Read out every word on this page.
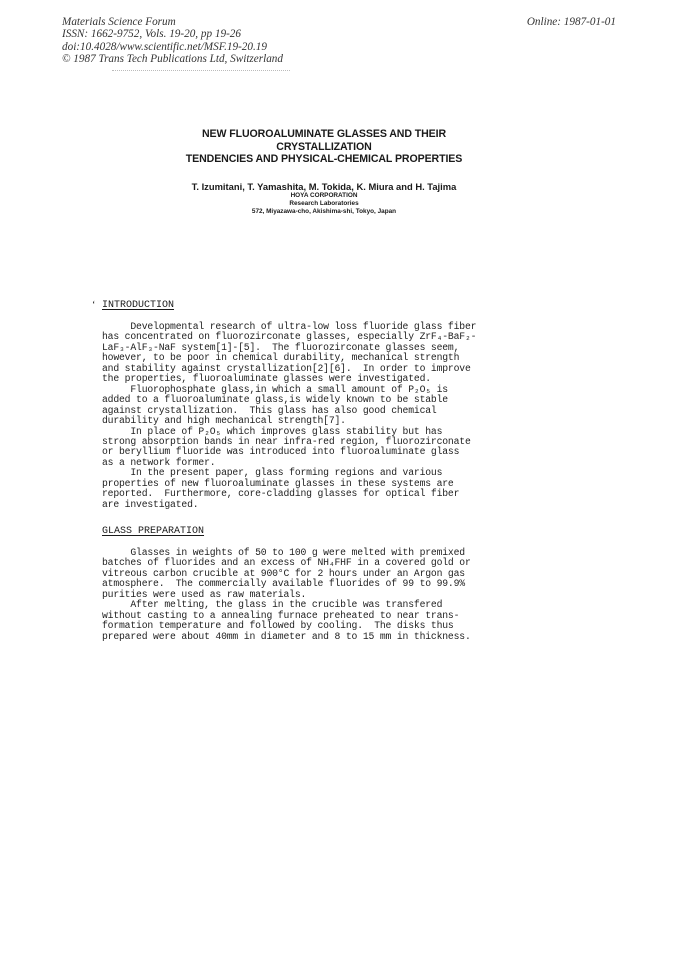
Materials Science Forum
ISSN: 1662-9752, Vols. 19-20, pp 19-26
doi:10.4028/www.scientific.net/MSF.19-20.19
© 1987 Trans Tech Publications Ltd, Switzerland
Online: 1987-01-01
NEW FLUOROALUMINATE GLASSES AND THEIR
CRYSTALLIZATION
TENDENCIES AND PHYSICAL-CHEMICAL PROPERTIES
T. Izumitani, T. Yamashita, M. Tokida, K. Miura and H. Tajima
HOYA CORPORATION
Research Laboratories
572, Miyazawa-cho, Akishima-shi, Tokyo, Japan
ʻ INTRODUCTION
Developmental research of ultra-low loss fluoride glass fiber
has concentrated on fluorozirconate glasses, especially ZrF₄-BaF₂-
LaF₃-AlF₃-NaF system[1]-[5].  The fluorozirconate glasses seem,
however, to be poor in chemical durability, mechanical strength
and stability against crystallization[2][6].  In order to improve
the properties, fluoroaluminate glasses were investigated.
Fluorophosphate glass,in which a small amount of P₂O₅ is
added to a fluoroaluminate glass,is widely known to be stable
against crystallization.  This glass has also good chemical
durability and high mechanical strength[7].
In place of P₂O₅ which improves glass stability but has
strong absorption bands in near infra-red region, fluorozirconate
or beryllium fluoride was introduced into fluoroaluminate glass
as a network former.
In the present paper, glass forming regions and various
properties of new fluoroaluminate glasses in these systems are
reported.  Furthermore, core-cladding glasses for optical fiber
are investigated.
GLASS PREPARATION
Glasses in weights of 50 to 100 g were melted with premixed
batches of fluorides and an excess of NH₄FHF in a covered gold or
vitreous carbon crucible at 900°C for 2 hours under an Argon gas
atmosphere.  The commercially available fluorides of 99 to 99.9%
purities were used as raw materials.
After melting, the glass in the crucible was transfered
without casting to a annealing furnace preheated to near trans-
formation temperature and followed by cooling.  The disks thus
prepared were about 40mm in diameter and 8 to 15 mm in thickness.
